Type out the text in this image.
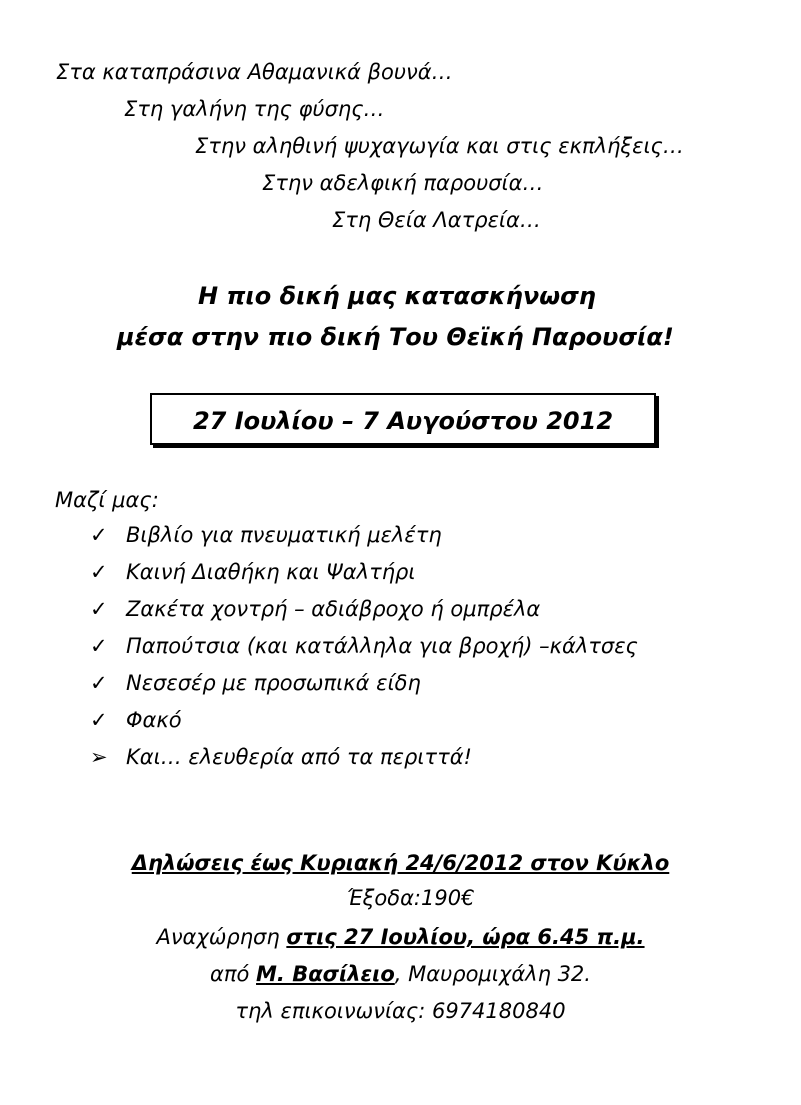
Στα καταπράσινα Αθαμανικά βουνά…
Στη γαλήνη της φύσης…
Στην αληθινή ψυχαγωγία και στις εκπλήξεις…
Στην αδελφική παρουσία…
Στη Θεία Λατρεία…
Η πιο δική μας κατασκήνωση
μέσα στην πιο δική Του Θεϊκή Παρουσία!
27 Ιουλίου – 7 Αυγούστου 2012
Μαζί μας:
✓ Βιβλίο για πνευματική μελέτη
✓ Καινή Διαθήκη και Ψαλτήρι
✓ Ζακέτα χοντρή – αδιάβροχο ή ομπρέλα
✓ Παπούτσια (και κατάλληλα για βροχή) –κάλτσες
✓ Νεσεσέρ με προσωπικά είδη
✓ Φακό
➢ Και… ελευθερία από τα περιττά!
Δηλώσεις έως Κυριακή 24/6/2012 στον Κύκλο
Έξοδα:190€
Αναχώρηση στις 27 Ιουλίου, ώρα 6.45 π.μ.
από Μ. Βασίλειο, Μαυρομιχάλη 32.
τηλ επικοινωνίας: 6974180840
